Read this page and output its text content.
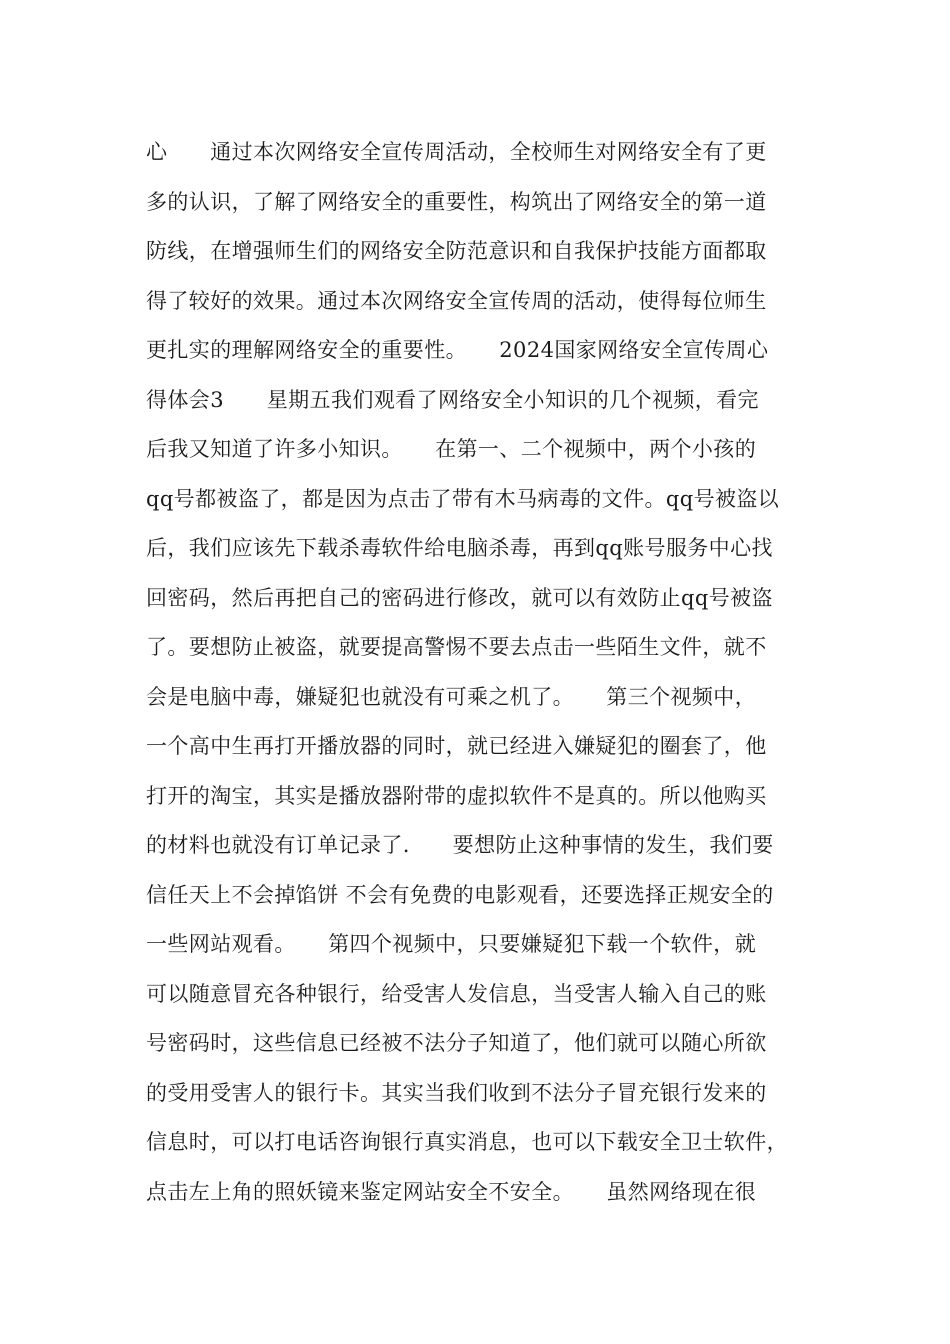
心　　通过本次网络安全宣传周活动，全校师生对网络安全有了更
多的认识，了解了网络安全的重要性，构筑出了网络安全的第一道
防线，在增强师生们的网络安全防范意识和自我保护技能方面都取
得了较好的效果。通过本次网络安全宣传周的活动，使得每位师生
更扎实的理解网络安全的重要性。　　2024国家网络安全宣传周心
得体会3　　星期五我们观看了网络安全小知识的几个视频，看完
后我又知道了许多小知识。　　在第一、二个视频中，两个小孩的
qq号都被盗了，都是因为点击了带有木马病毒的文件。qq号被盗以
后，我们应该先下载杀毒软件给电脑杀毒，再到qq账号服务中心找
回密码，然后再把自己的密码进行修改，就可以有效防止qq号被盗
了。要想防止被盗，就要提高警惕不要去点击一些陌生文件，就不
会是电脑中毒，嫌疑犯也就没有可乘之机了。　　第三个视频中，
一个高中生再打开播放器的同时，就已经进入嫌疑犯的圈套了，他
打开的淘宝，其实是播放器附带的虚拟软件不是真的。所以他购买
的材料也就没有订单记录了.　　要想防止这种事情的发生，我们要
信任天上不会掉馅饼 不会有免费的电影观看，还要选择正规安全的
一些网站观看。　　第四个视频中，只要嫌疑犯下载一个软件，就
可以随意冒充各种银行，给受害人发信息，当受害人输入自己的账
号密码时，这些信息已经被不法分子知道了，他们就可以随心所欲
的受用受害人的银行卡。其实当我们收到不法分子冒充银行发来的
信息时，可以打电话咨询银行真实消息，也可以下载安全卫士软件，
点击左上角的照妖镜来鉴定网站安全不安全。　　虽然网络现在很
